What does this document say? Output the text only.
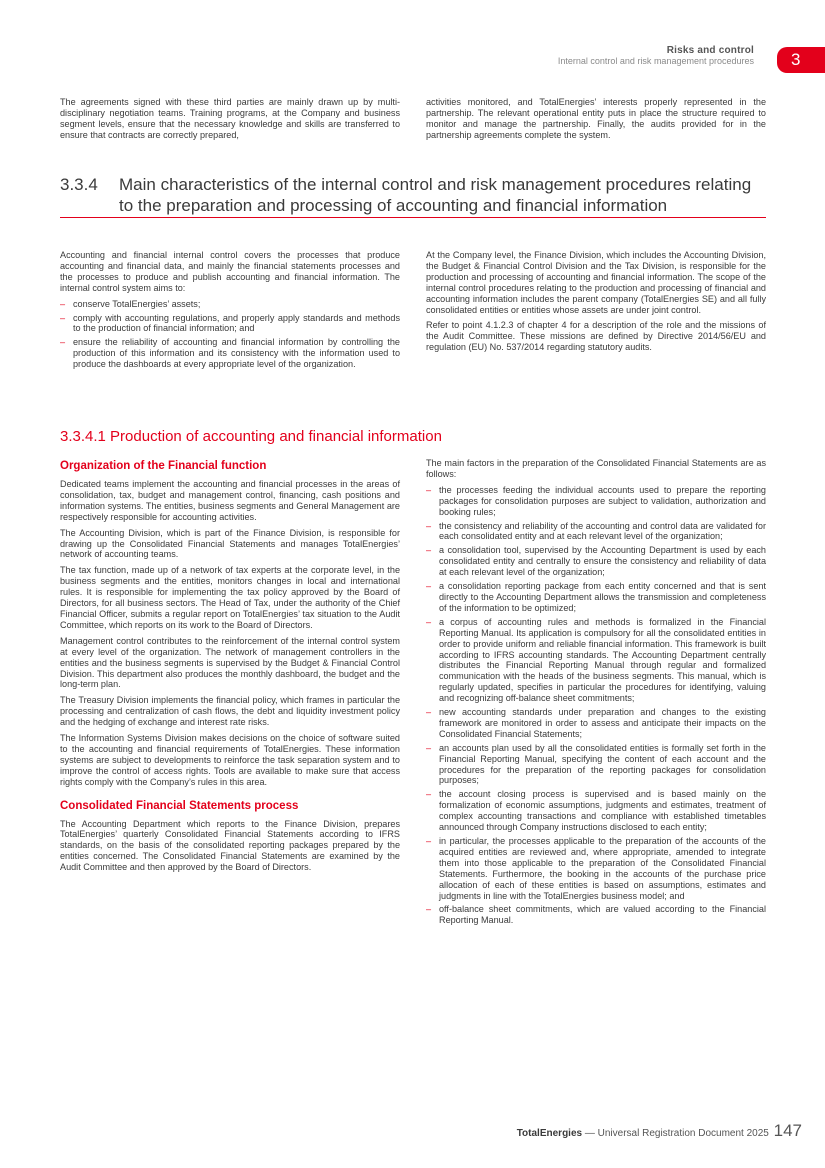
Risks and control
Internal control and risk management procedures	3

The agreements signed with these third parties are mainly drawn up by multi-disciplinary negotiation teams. Training programs, at the Company and business segment levels, ensure that the necessary knowledge and skills are transferred to ensure that contracts are correctly prepared,

activities monitored, and TotalEnergies’ interests properly represented in the partnership. The relevant operational entity puts in place the structure required to monitor and manage the partnership. Finally, the audits provided for in the partnership agreements complete the system.

3.3.4 Main characteristics of the internal control and risk management procedures relating to the preparation and processing of accounting and financial information

Accounting and financial internal control covers the processes that produce accounting and financial data, and mainly the financial statements processes and the processes to produce and publish accounting and financial information. The internal control system aims to:

– conserve TotalEnergies’ assets;
– comply with accounting regulations, and properly apply standards and methods to the production of financial information; and
– ensure the reliability of accounting and financial information by controlling the production of this information and its consistency with the information used to produce the dashboards at every appropriate level of the organization.

At the Company level, the Finance Division, which includes the Accounting Division, the Budget & Financial Control Division and the Tax Division, is responsible for the production and processing of accounting and financial information. The scope of the internal control procedures relating to the production and processing of financial and accounting information includes the parent company (TotalEnergies SE) and all fully consolidated entities or entities whose assets are under joint control.

Refer to point 4.1.2.3 of chapter 4 for a description of the role and the missions of the Audit Committee. These missions are defined by Directive 2014/56/EU and regulation (EU) No. 537/2014 regarding statutory audits.

3.3.4.1 Production of accounting and financial information
Organization of the Financial function

Dedicated teams implement the accounting and financial processes in the areas of consolidation, tax, budget and management control, financing, cash positions and information systems. The entities, business segments and General Management are respectively responsible for accounting activities.

The Accounting Division, which is part of the Finance Division, is responsible for drawing up the Consolidated Financial Statements and manages TotalEnergies’ network of accounting teams.

The tax function, made up of a network of tax experts at the corporate level, in the business segments and the entities, monitors changes in local and international rules. It is responsible for implementing the tax policy approved by the Board of Directors, for all business sectors. The Head of Tax, under the authority of the Chief Financial Officer, submits a regular report on TotalEnergies’ tax situation to the Audit Committee, which reports on its work to the Board of Directors.

Management control contributes to the reinforcement of the internal control system at every level of the organization. The network of management controllers in the entities and the business segments is supervised by the Budget & Financial Control Division. This department also produces the monthly dashboard, the budget and the long-term plan.

The Treasury Division implements the financial policy, which frames in particular the processing and centralization of cash flows, the debt and liquidity investment policy and the hedging of exchange and interest rate risks.

The Information Systems Division makes decisions on the choice of software suited to the accounting and financial requirements of TotalEnergies. These information systems are subject to developments to reinforce the task separation system and to improve the control of access rights. Tools are available to make sure that access rights comply with the Company’s rules in this area.

Consolidated Financial Statements process

The Accounting Department which reports to the Finance Division, prepares TotalEnergies’ quarterly Consolidated Financial Statements according to IFRS standards, on the basis of the consolidated reporting packages prepared by the entities concerned. The Consolidated Financial Statements are examined by the Audit Committee and then approved by the Board of Directors.

The main factors in the preparation of the Consolidated Financial Statements are as follows:

– the processes feeding the individual accounts used to prepare the reporting packages for consolidation purposes are subject to validation, authorization and booking rules;
– the consistency and reliability of the accounting and control data are validated for each consolidated entity and at each relevant level of the organization;
– a consolidation tool, supervised by the Accounting Department is used by each consolidated entity and centrally to ensure the consistency and reliability of data at each relevant level of the organization;
– a consolidation reporting package from each entity concerned and that is sent directly to the Accounting Department allows the transmission and completeness of the information to be optimized;
– a corpus of accounting rules and methods is formalized in the Financial Reporting Manual. Its application is compulsory for all the consolidated entities in order to provide uniform and reliable financial information. This framework is built according to IFRS accounting standards. The Accounting Department centrally distributes the Financial Reporting Manual through regular and formalized communication with the heads of the business segments. This manual, which is regularly updated, specifies in particular the procedures for identifying, valuing and recognizing off-balance sheet commitments;
– new accounting standards under preparation and changes to the existing framework are monitored in order to assess and anticipate their impacts on the Consolidated Financial Statements;
– an accounts plan used by all the consolidated entities is formally set forth in the Financial Reporting Manual, specifying the content of each account and the procedures for the preparation of the reporting packages for consolidation purposes;
– the account closing process is supervised and is based mainly on the formalization of economic assumptions, judgments and estimates, treatment of complex accounting transactions and compliance with established timetables announced through Company instructions disclosed to each entity;
– in particular, the processes applicable to the preparation of the accounts of the acquired entities are reviewed and, where appropriate, amended to integrate them into those applicable to the preparation of the Consolidated Financial Statements. Furthermore, the booking in the accounts of the purchase price allocation of each of these entities is based on assumptions, estimates and judgments in line with the TotalEnergies business model; and
– off-balance sheet commitments, which are valued according to the Financial Reporting Manual.
TotalEnergies — Universal Registration Document 2025 147
